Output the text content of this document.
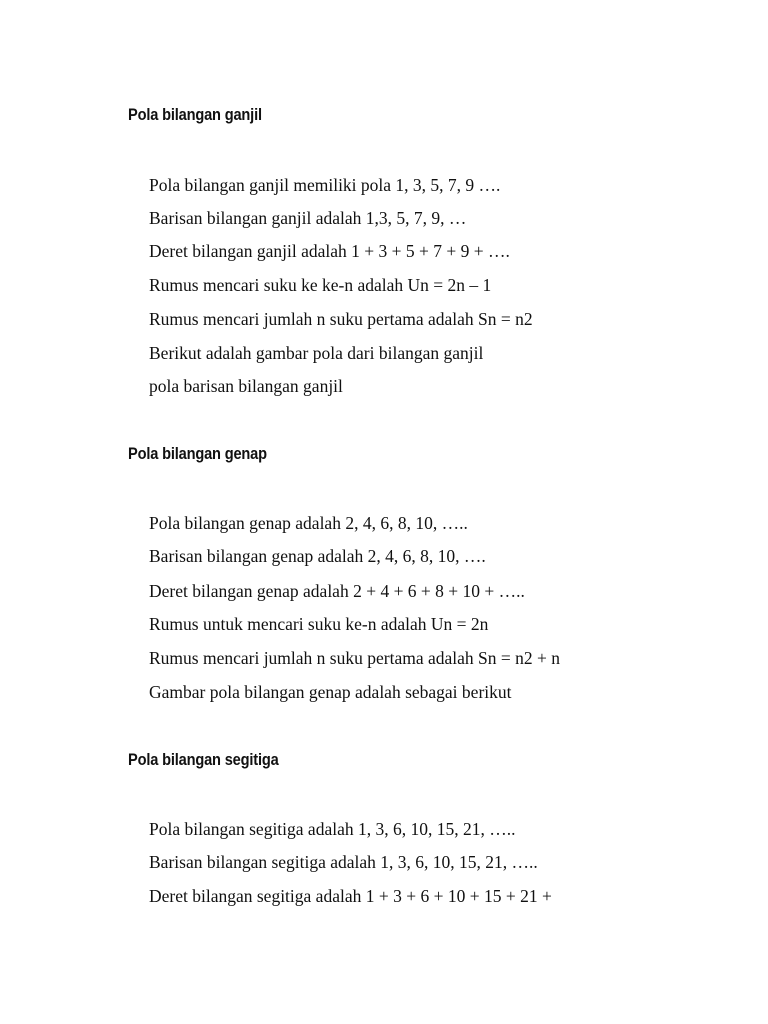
Pola bilangan ganjil

Pola bilangan ganjil memiliki pola 1, 3, 5, 7, 9 ….

Barisan bilangan ganjil adalah 1,3, 5, 7, 9, …

Deret bilangan ganjil adalah 1 + 3 + 5 + 7 + 9 + ….

Rumus mencari suku ke ke-n adalah Un = 2n – 1

Rumus mencari jumlah n suku pertama adalah Sn = n2

Berikut adalah gambar pola dari bilangan ganjil

pola barisan bilangan ganjil

Pola bilangan genap

Pola bilangan genap adalah 2, 4, 6, 8, 10, …..

Barisan bilangan genap adalah 2, 4, 6, 8, 10, ….

Deret bilangan genap adalah 2 + 4 + 6 + 8 + 10 + …..

Rumus untuk mencari suku ke-n adalah Un = 2n

Rumus mencari jumlah n suku pertama adalah Sn = n2 + n

Gambar pola bilangan genap adalah sebagai berikut

Pola bilangan segitiga

Pola bilangan segitiga adalah 1, 3, 6, 10, 15, 21, …..

Barisan bilangan segitiga adalah 1, 3, 6, 10, 15, 21, …..

Deret bilangan segitiga adalah 1 + 3 + 6 + 10 + 15 + 21 +
